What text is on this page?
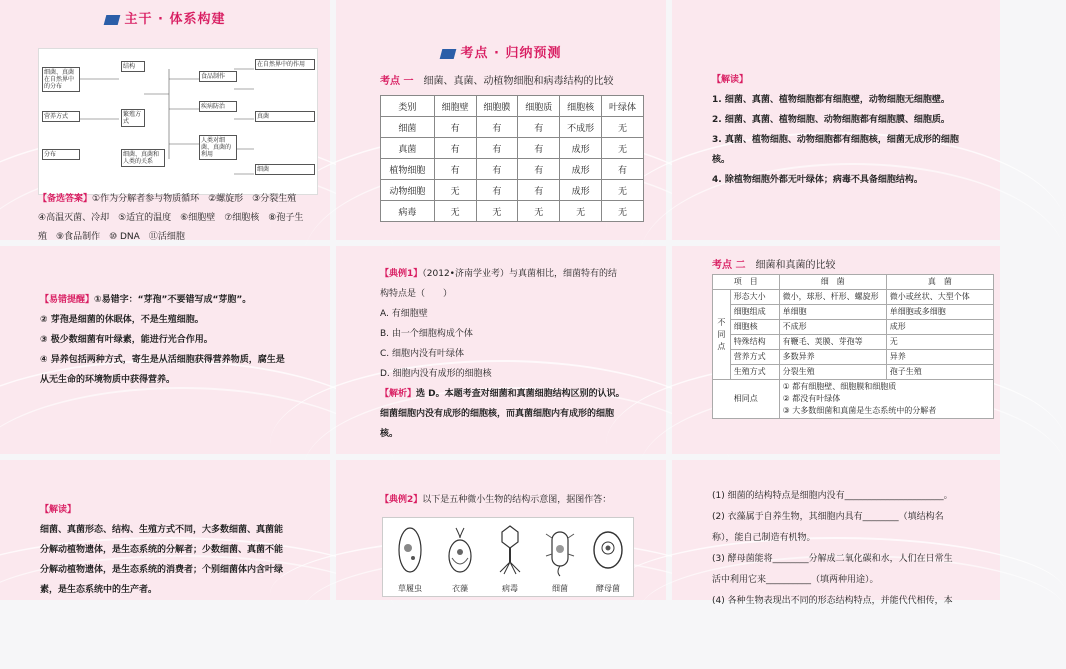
主干 · 体系构建
细菌、真菌在自然界中的分布
结构
繁殖方式
营养方式
分布	细菌、真菌和人类的关系
食品制作
疾病防治
人类对细菌、真菌的利用
在自然界中的作用
真菌
细菌
【备选答案】①作为分解者参与物质循环　②螺旋形　③分裂生殖
④高温灭菌、冷却　⑤适宜的温度　⑥细胞壁　⑦细胞核　⑧孢子生
殖　⑨食品制作　⑩ DNA　⑪活细胞
考点 · 归纳预测
考点 一　 细菌、真菌、动植物细胞和病毒结构的比较
类别	细胞壁	细胞膜	细胞质	细胞核	叶绿体
细菌	有	有	有	不成形	无
真菌	有	有	有	成形	无
植物细胞	有	有	有	成形	有
动物细胞	无	有	有	成形	无
病毒	无	无	无	无	无
【解读】
1. 细菌、真菌、植物细胞都有细胞壁，动物细胞无细胞壁。
2. 细菌、真菌、植物细胞、动物细胞都有细胞膜、细胞质。
3. 真菌、植物细胞、动物细胞都有细胞核，细菌无成形的细胞
核。
4. 除植物细胞外都无叶绿体；病毒不具备细胞结构。
【易错提醒】①易错字：“芽孢”不要错写成“芽胞”。
② 芽孢是细菌的休眠体，不是生殖细胞。
③ 极少数细菌有叶绿素，能进行光合作用。
④ 异养包括两种方式，寄生是从活细胞获得营养物质，腐生是
从无生命的环境物质中获得营养。
【典例1】（2012•济南学业考）与真菌相比，细菌特有的结
构特点是（　　）
A. 有细胞壁
B. 由一个细胞构成个体
C. 细胞内没有叶绿体
D. 细胞内没有成形的细胞核
【解析】选 D。本题考查对细菌和真菌细胞结构区别的认识。
细菌细胞内没有成形的细胞核，而真菌细胞内有成形的细胞
核。
考点 二　 细菌和真菌的比较
项　目		细　菌	真　菌
不同点	形态大小	微小，球形、杆形、螺旋形	微小或丝状、大型个体
	细胞组成	单细胞	单细胞或多细胞
	细胞核	不成形	成形
	特殊结构	有鞭毛、荚膜、芽孢等	无
	营养方式	多数异养	异养
	生殖方式	分裂生殖	孢子生殖
相同点		① 都有细胞壁、细胞膜和细胞质
② 都没有叶绿体
③ 大多数细菌和真菌是生态系统中的分解者	
【解读】
细菌、真菌形态、结构、生殖方式不同，大多数细菌、真菌能
分解动植物遗体，是生态系统的分解者；少数细菌、真菌不能
分解动植物遗体，是生态系统的消费者；个别细菌体内含叶绿
素，是生态系统中的生产者。
【典例2】以下是五种微小生物的结构示意图，据图作答：
草履虫	衣藻	病毒	细菌	酵母菌
(1) 细菌的结构特点是细胞内没有______________________。
(2) 衣藻属于自养生物，其细胞内具有________（填结构名
称），能自己制造有机物。
(3) 酵母菌能将________分解成二氧化碳和水，人们在日常生
活中利用它来__________（填两种用途）。
(4) 各种生物表现出不同的形态结构特点，并能代代相传，本
